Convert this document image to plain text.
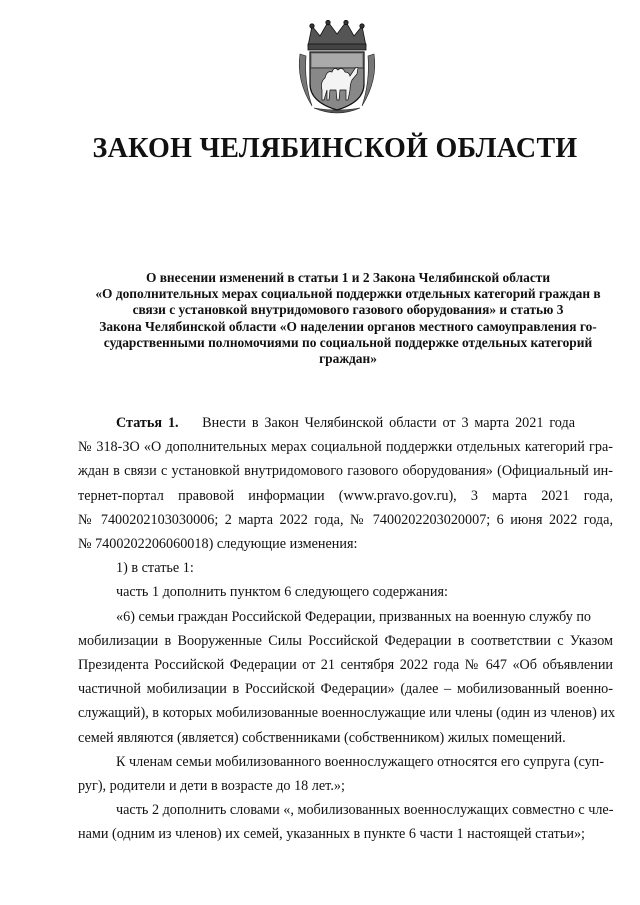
ЗАКОН ЧЕЛЯБИНСКОЙ ОБЛАСТИ
О внесении изменений в статьи 1 и 2 Закона Челябинской области
«О дополнительных мерах социальной поддержки отдельных категорий граждан в
связи с установкой внутридомового газового оборудования» и статью 3
Закона Челябинской области «О наделении органов местного самоуправления го-
сударственными полномочиями по социальной поддержке отдельных категорий
граждан»
Статья 1. Внести в Закон Челябинской области от 3 марта 2021 года
№ 318-ЗО «О дополнительных мерах социальной поддержки отдельных категорий гра-
ждан в связи с установкой внутридомового газового оборудования» (Официальный ин-
тернет-портал правовой информации (www.pravo.gov.ru), 3 марта 2021 года,
№ 7400202103030006; 2 марта 2022 года, № 7400202203020007; 6 июня 2022 года,
№ 7400202206060018) следующие изменения:
1) в статье 1:
часть 1 дополнить пунктом 6 следующего содержания:
«6) семьи граждан Российской Федерации, призванных на военную службу по
мобилизации в Вооруженные Силы Российской Федерации в соответствии с Указом
Президента Российской Федерации от 21 сентября 2022 года № 647 «Об объявлении
частичной мобилизации в Российской Федерации» (далее – мобилизованный военно-
служащий), в которых мобилизованные военнослужащие или члены (один из членов) их
семей являются (является) собственниками (собственником) жилых помещений.
К членам семьи мобилизованного военнослужащего относятся его супруга (суп-
руг), родители и дети в возрасте до 18 лет.»;
часть 2 дополнить словами «, мобилизованных военнослужащих совместно с чле-
нами (одним из членов) их семей, указанных в пункте 6 части 1 настоящей статьи»;
